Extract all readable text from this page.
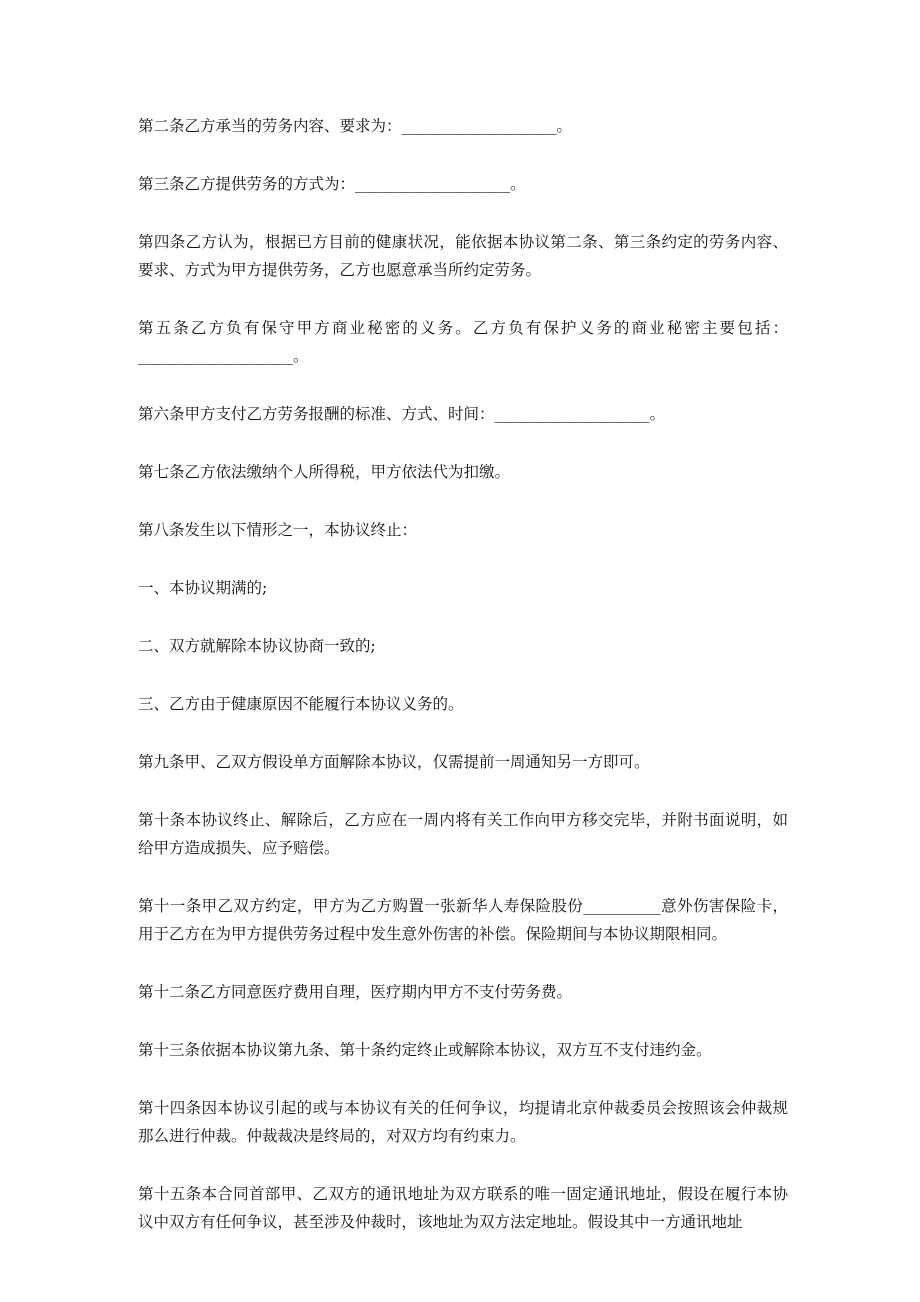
第二条乙方承当的劳务内容、要求为：____________________。

第三条乙方提供劳务的方式为：____________________。

第四条乙方认为，根据已方目前的健康状况，能依据本协议第二条、第三条约定的劳务内容、要求、方式为甲方提供劳务，乙方也愿意承当所约定劳务。

第五条乙方负有保守甲方商业秘密的义务。乙方负有保护义务的商业秘密主要包括：____________________。

第六条甲方支付乙方劳务报酬的标准、方式、时间：____________________。

第七条乙方依法缴纳个人所得税，甲方依法代为扣缴。

第八条发生以下情形之一，本协议终止：

一、本协议期满的;

二、双方就解除本协议协商一致的;

三、乙方由于健康原因不能履行本协议义务的。

第九条甲、乙双方假设单方面解除本协议，仅需提前一周通知另一方即可。

第十条本协议终止、解除后，乙方应在一周内将有关工作向甲方移交完毕，并附书面说明，如给甲方造成损失、应予赔偿。

第十一条甲乙双方约定，甲方为乙方购置一张新华人寿保险股份__________意外伤害保险卡，用于乙方在为甲方提供劳务过程中发生意外伤害的补偿。保险期间与本协议期限相同。

第十二条乙方同意医疗费用自理，医疗期内甲方不支付劳务费。

第十三条依据本协议第九条、第十条约定终止或解除本协议，双方互不支付违约金。

第十四条因本协议引起的或与本协议有关的任何争议，均提请北京仲裁委员会按照该会仲裁规那么进行仲裁。仲裁裁决是终局的，对双方均有约束力。

第十五条本合同首部甲、乙双方的通讯地址为双方联系的唯一固定通讯地址，假设在履行本协议中双方有任何争议，甚至涉及仲裁时，该地址为双方法定地址。假设其中一方通讯地址
